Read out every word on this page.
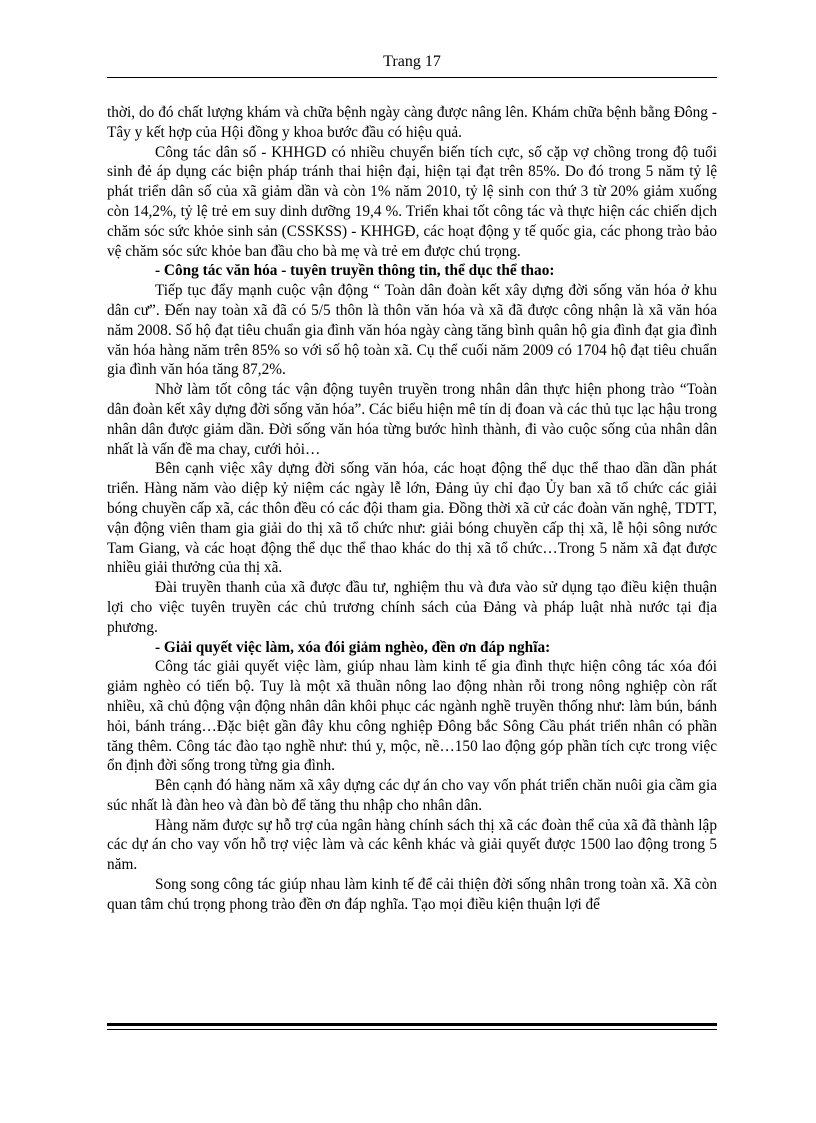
Trang 17

thời, do đó chất lượng khám và chữa bệnh ngày càng được nâng lên. Khám chữa bệnh bằng Đông - Tây y kết hợp của Hội đồng y khoa bước đầu có hiệu quả.

Công tác dân số - KHHGD có nhiều chuyển biến tích cực, số cặp vợ chồng trong độ tuổi sinh đẻ áp dụng các biện pháp tránh thai hiện đại, hiện tại đạt trên 85%. Do đó trong 5 năm tỷ lệ phát triển dân số của xã giảm dần và còn 1% năm 2010, tỷ lệ sinh con thứ 3 từ 20% giảm xuống còn 14,2%, tỷ lệ trẻ em suy dinh dưỡng 19,4 %. Triển khai tốt công tác và thực hiện các chiến dịch chăm sóc sức khỏe sinh sản (CSSKSS) - KHHGĐ, các hoạt động y tế quốc gia, các phong trào bảo vệ chăm sóc sức khỏe ban đầu cho bà mẹ và trẻ em được chú trọng.

- Công tác văn hóa - tuyên truyền thông tin, thể dục thể thao:

Tiếp tục đẩy mạnh cuộc vận động “ Toàn dân đoàn kết xây dựng đời sống văn hóa ở khu dân cư”. Đến nay toàn xã đã có 5/5 thôn là thôn văn hóa và xã đã được công nhận là xã văn hóa năm 2008. Số hộ đạt tiêu chuẩn gia đình văn hóa ngày càng tăng bình quân hộ gia đình đạt gia đình văn hóa hàng năm trên 85% so với số hộ toàn xã. Cụ thể cuối năm 2009 có 1704 hộ đạt tiêu chuẩn gia đình văn hóa tăng 87,2%.

Nhờ làm tốt công tác vận động tuyên truyền trong nhân dân thực hiện phong trào “Toàn dân đoàn kết xây dựng đời sống văn hóa”. Các biểu hiện mê tín dị đoan và các thủ tục lạc hậu trong nhân dân được giảm dần. Đời sống văn hóa từng bước hình thành, đi vào cuộc sống của nhân dân nhất là vấn đề ma chay, cưới hỏi…

Bên cạnh việc xây dựng đời sống văn hóa, các hoạt động thể dục thể thao dần dần phát triển. Hàng năm vào diệp kỷ niệm các ngày lễ lớn, Đảng ủy chỉ đạo Ủy ban xã tổ chức các giải bóng chuyền cấp xã, các thôn đều có các đội tham gia. Đồng thời xã cử các đoàn văn nghệ, TDTT, vận động viên tham gia giải do thị xã tổ chức như: giải bóng chuyền cấp thị xã, lễ hội sông nước Tam Giang, và các hoạt động thể dục thể thao khác do thị xã tổ chức…Trong 5 năm xã đạt được nhiều giải thưởng của thị xã.

Đài truyền thanh của xã được đầu tư, nghiệm thu và đưa vào sử dụng tạo điều kiện thuận lợi cho việc tuyên truyền các chủ trương chính sách của Đảng và pháp luật nhà nước tại địa phương.

- Giải quyết việc làm, xóa đói giảm nghèo, đền ơn đáp nghĩa:

Công tác giải quyết việc làm, giúp nhau làm kinh tế gia đình thực hiện công tác xóa đói giảm nghèo có tiến bộ. Tuy là một xã thuần nông lao động nhàn rỗi trong nông nghiệp còn rất nhiều, xã chủ động vận động nhân dân khôi phục các ngành nghề truyền thống như: làm bún, bánh hỏi, bánh tráng…Đặc biệt gần đây khu công nghiệp Đông bắc Sông Cầu phát triển nhân có phần tăng thêm. Công tác đào tạo nghề như: thú y, mộc, nề…150 lao động góp phần tích cực trong việc ổn định đời sống trong từng gia đình.

Bên cạnh đó hàng năm xã xây dựng các dự án cho vay vốn phát triển chăn nuôi gia cầm gia súc nhất là đàn heo và đàn bò để tăng thu nhập cho nhân dân.

Hàng năm được sự hỗ trợ của ngân hàng chính sách thị xã các đoàn thể của xã đã thành lập các dự án cho vay vốn hỗ trợ việc làm và các kênh khác và giải quyết được 1500 lao động trong 5 năm.

Song song công tác giúp nhau làm kinh tế để cải thiện đời sống nhân trong toàn xã. Xã còn quan tâm chú trọng phong trào đền ơn đáp nghĩa. Tạo mọi điều kiện thuận lợi để
